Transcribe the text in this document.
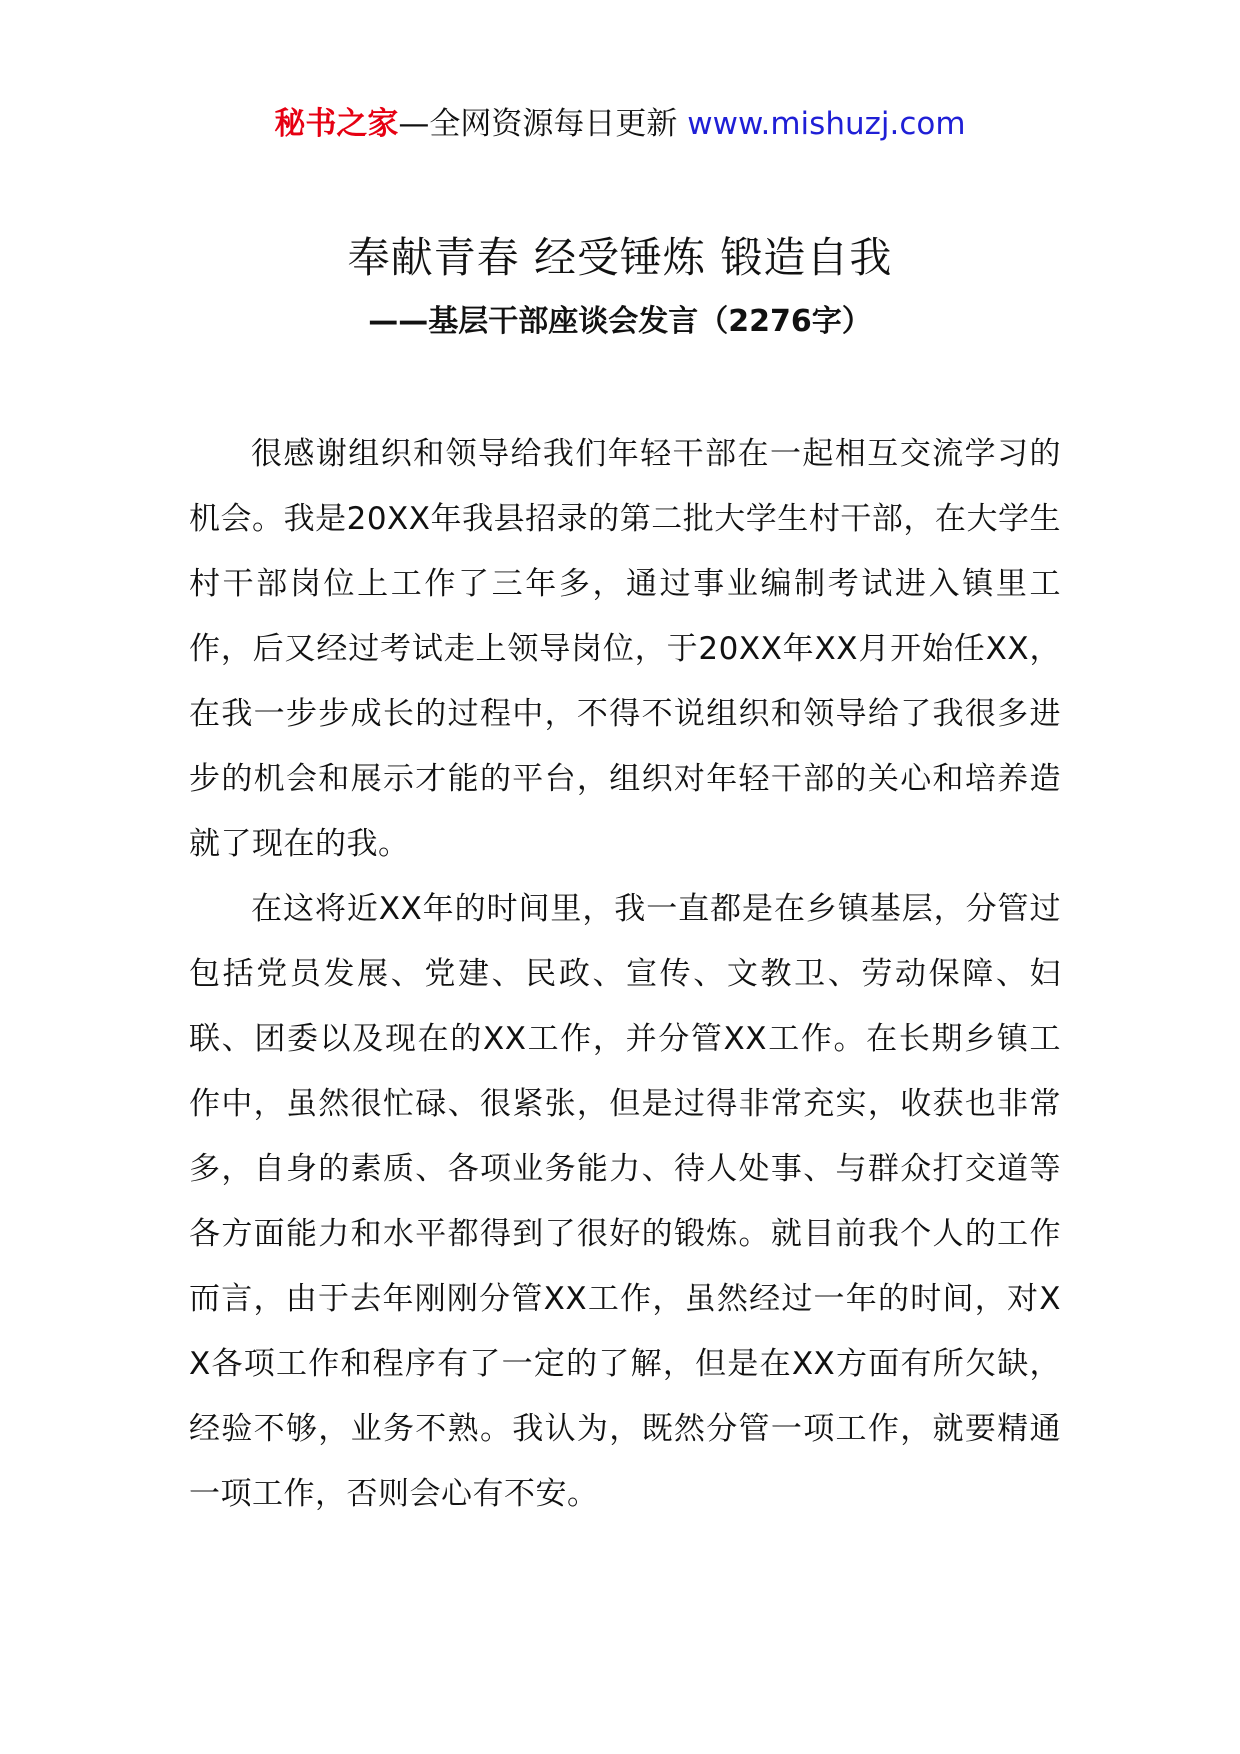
秘书之家—全网资源每日更新 www.mishuzj.com
奉献青春 经受锤炼 锻造自我
——基层干部座谈会发言（2276字）

很感谢组织和领导给我们年轻干部在一起相互交流学习的机会。我是20XX年我县招录的第二批大学生村干部，在大学生村干部岗位上工作了三年多，通过事业编制考试进入镇里工作，后又经过考试走上领导岗位，于20XX年XX月开始任XX，在我一步步成长的过程中，不得不说组织和领导给了我很多进步的机会和展示才能的平台，组织对年轻干部的关心和培养造就了现在的我。

在这将近XX年的时间里，我一直都是在乡镇基层，分管过包括党员发展、党建、民政、宣传、文教卫、劳动保障、妇联、团委以及现在的XX工作，并分管XX工作。在长期乡镇工作中，虽然很忙碌、很紧张，但是过得非常充实，收获也非常多，自身的素质、各项业务能力、待人处事、与群众打交道等各方面能力和水平都得到了很好的锻炼。就目前我个人的工作而言，由于去年刚刚分管XX工作，虽然经过一年的时间，对XX各项工作和程序有了一定的了解，但是在XX方面有所欠缺，经验不够，业务不熟。我认为，既然分管一项工作，就要精通一项工作，否则会心有不安。
